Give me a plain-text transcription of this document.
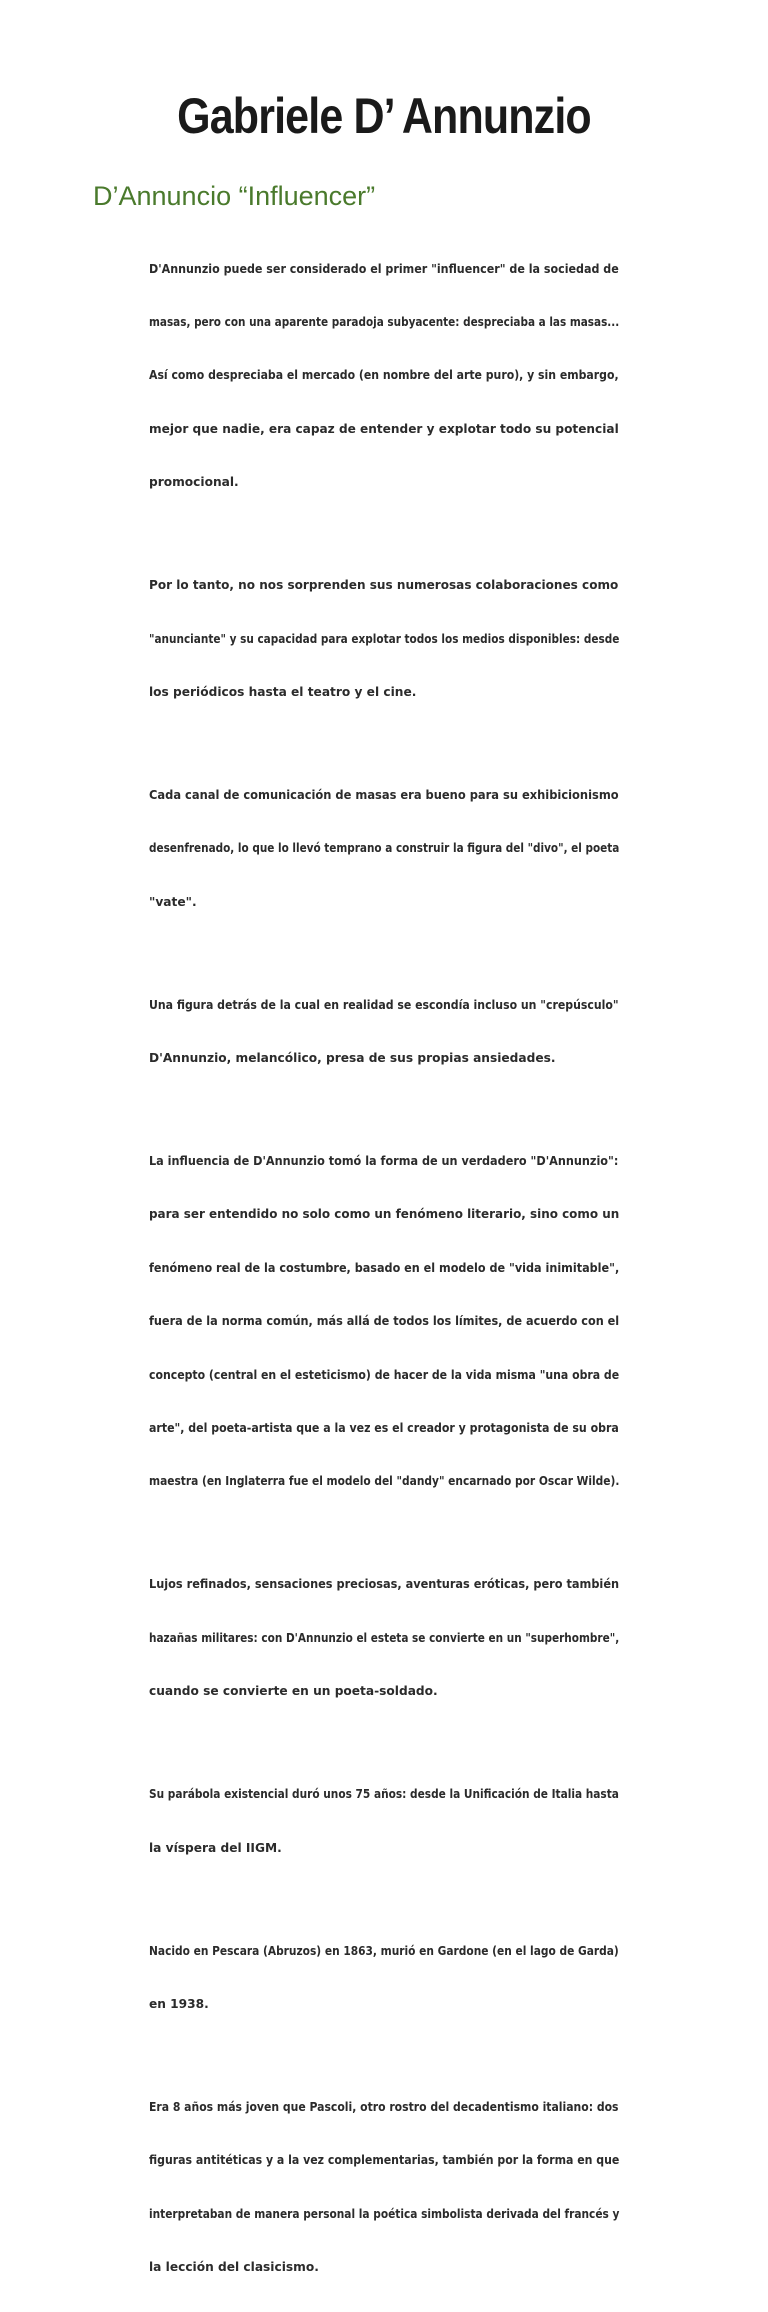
Gabriele D’ Annunzio
D’Annuncio “Influencer”

D'Annunzio puede ser considerado el primer "influencer" de la sociedad de

masas, pero con una aparente paradoja subyacente: despreciaba a las masas...

Así como despreciaba el mercado (en nombre del arte puro), y sin embargo,

mejor que nadie, era capaz de entender y explotar todo su potencial

promocional.

Por lo tanto, no nos sorprenden sus numerosas colaboraciones como

"anunciante" y su capacidad para explotar todos los medios disponibles: desde

los periódicos hasta el teatro y el cine.

Cada canal de comunicación de masas era bueno para su exhibicionismo

desenfrenado, lo que lo llevó temprano a construir la figura del "divo", el poeta

"vate".

Una figura detrás de la cual en realidad se escondía incluso un "crepúsculo"

D'Annunzio, melancólico, presa de sus propias ansiedades.

La influencia de D'Annunzio tomó la forma de un verdadero "D'Annunzio":

para ser entendido no solo como un fenómeno literario, sino como un

fenómeno real de la costumbre, basado en el modelo de "vida inimitable",

fuera de la norma común, más allá de todos los límites, de acuerdo con el

concepto (central en el esteticismo) de hacer de la vida misma "una obra de

arte", del poeta-artista que a la vez es el creador y protagonista de su obra

maestra (en Inglaterra fue el modelo del "dandy" encarnado por Oscar Wilde).

Lujos refinados, sensaciones preciosas, aventuras eróticas, pero también

hazañas militares: con D'Annunzio el esteta se convierte en un "superhombre",

cuando se convierte en un poeta-soldado.

Su parábola existencial duró unos 75 años: desde la Unificación de Italia hasta

la víspera del IIGM.

Nacido en Pescara (Abruzos) en 1863, murió en Gardone (en el lago de Garda)

en 1938.

Era 8 años más joven que Pascoli, otro rostro del decadentismo italiano: dos

figuras antitéticas y a la vez complementarias, también por la forma en que

interpretaban de manera personal la poética simbolista derivada del francés y

la lección del clasicismo.
